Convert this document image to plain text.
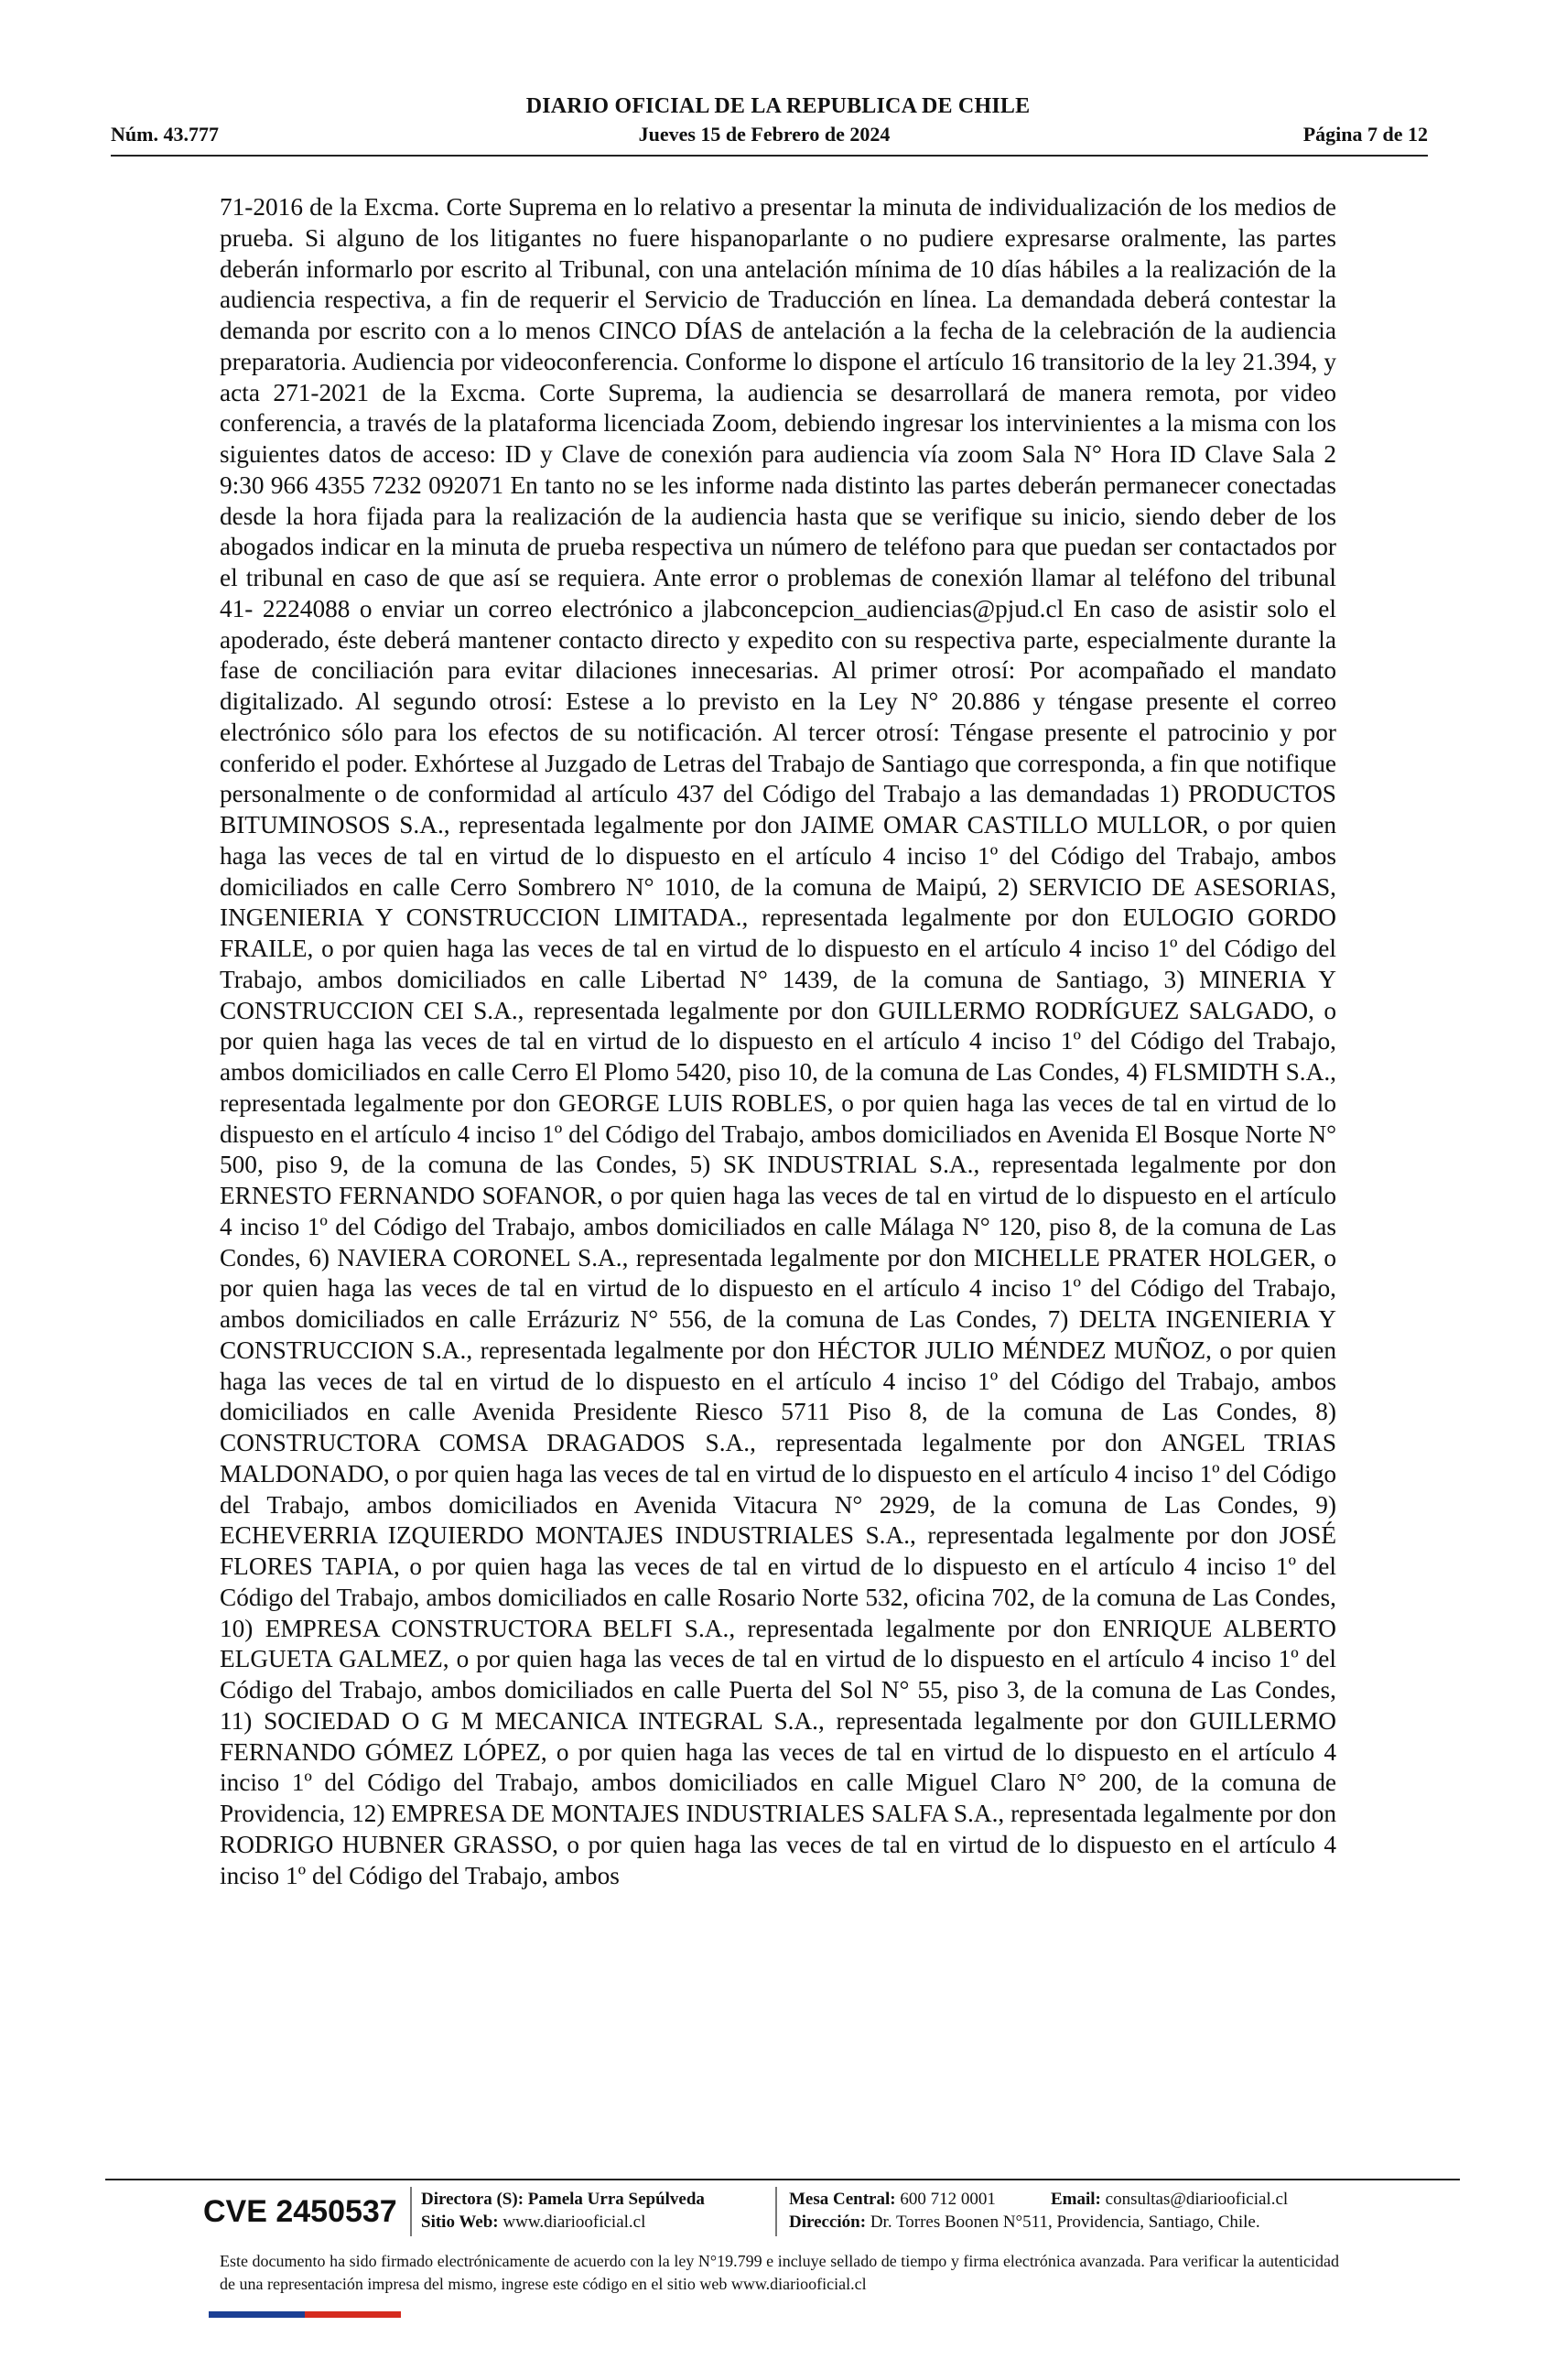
DIARIO OFICIAL DE LA REPUBLICA DE CHILE
Núm. 43.777	Jueves 15 de Febrero de 2024	Página 7 de 12

71-2016 de la Excma. Corte Suprema en lo relativo a presentar la minuta de individualización de los medios de prueba. Si alguno de los litigantes no fuere hispanoparlante o no pudiere expresarse oralmente, las partes deberán informarlo por escrito al Tribunal, con una antelación mínima de 10 días hábiles a la realización de la audiencia respectiva, a fin de requerir el Servicio de Traducción en línea. La demandada deberá contestar la demanda por escrito con a lo menos CINCO DÍAS de antelación a la fecha de la celebración de la audiencia preparatoria. Audiencia por videoconferencia. Conforme lo dispone el artículo 16 transitorio de la ley 21.394, y acta 271-2021 de la Excma. Corte Suprema, la audiencia se desarrollará de manera remota, por video conferencia, a través de la plataforma licenciada Zoom, debiendo ingresar los intervinientes a la misma con los siguientes datos de acceso: ID y Clave de conexión para audiencia vía zoom Sala N° Hora ID Clave Sala 2 9:30 966 4355 7232 092071 En tanto no se les informe nada distinto las partes deberán permanecer conectadas desde la hora fijada para la realización de la audiencia hasta que se verifique su inicio, siendo deber de los abogados indicar en la minuta de prueba respectiva un número de teléfono para que puedan ser contactados por el tribunal en caso de que así se requiera. Ante error o problemas de conexión llamar al teléfono del tribunal 41- 2224088 o enviar un correo electrónico a jlabconcepcion_audiencias@pjud.cl En caso de asistir solo el apoderado, éste deberá mantener contacto directo y expedito con su respectiva parte, especialmente durante la fase de conciliación para evitar dilaciones innecesarias. Al primer otrosí: Por acompañado el mandato digitalizado. Al segundo otrosí: Estese a lo previsto en la Ley N° 20.886 y téngase presente el correo electrónico sólo para los efectos de su notificación. Al tercer otrosí: Téngase presente el patrocinio y por conferido el poder. Exhórtese al Juzgado de Letras del Trabajo de Santiago que corresponda, a fin que notifique personalmente o de conformidad al artículo 437 del Código del Trabajo a las demandadas 1) PRODUCTOS BITUMINOSOS S.A., representada legalmente por don JAIME OMAR CASTILLO MULLOR, o por quien haga las veces de tal en virtud de lo dispuesto en el artículo 4 inciso 1º del Código del Trabajo, ambos domiciliados en calle Cerro Sombrero N° 1010, de la comuna de Maipú, 2) SERVICIO DE ASESORIAS, INGENIERIA Y CONSTRUCCION LIMITADA., representada legalmente por don EULOGIO GORDO FRAILE, o por quien haga las veces de tal en virtud de lo dispuesto en el artículo 4 inciso 1º del Código del Trabajo, ambos domiciliados en calle Libertad N° 1439, de la comuna de Santiago, 3) MINERIA Y CONSTRUCCION CEI S.A., representada legalmente por don GUILLERMO RODRÍGUEZ SALGADO, o por quien haga las veces de tal en virtud de lo dispuesto en el artículo 4 inciso 1º del Código del Trabajo, ambos domiciliados en calle Cerro El Plomo 5420, piso 10, de la comuna de Las Condes, 4) FLSMIDTH S.A., representada legalmente por don GEORGE LUIS ROBLES, o por quien haga las veces de tal en virtud de lo dispuesto en el artículo 4 inciso 1º del Código del Trabajo, ambos domiciliados en Avenida El Bosque Norte N° 500, piso 9, de la comuna de las Condes, 5) SK INDUSTRIAL S.A., representada legalmente por don ERNESTO FERNANDO SOFANOR, o por quien haga las veces de tal en virtud de lo dispuesto en el artículo 4 inciso 1º del Código del Trabajo, ambos domiciliados en calle Málaga N° 120, piso 8, de la comuna de Las Condes, 6) NAVIERA CORONEL S.A., representada legalmente por don MICHELLE PRATER HOLGER, o por quien haga las veces de tal en virtud de lo dispuesto en el artículo 4 inciso 1º del Código del Trabajo, ambos domiciliados en calle Errázuriz N° 556, de la comuna de Las Condes, 7) DELTA INGENIERIA Y CONSTRUCCION S.A., representada legalmente por don HÉCTOR JULIO MÉNDEZ MUÑOZ, o por quien haga las veces de tal en virtud de lo dispuesto en el artículo 4 inciso 1º del Código del Trabajo, ambos domiciliados en calle Avenida Presidente Riesco 5711 Piso 8, de la comuna de Las Condes, 8) CONSTRUCTORA COMSA DRAGADOS S.A., representada legalmente por don ANGEL TRIAS MALDONADO, o por quien haga las veces de tal en virtud de lo dispuesto en el artículo 4 inciso 1º del Código del Trabajo, ambos domiciliados en Avenida Vitacura N° 2929, de la comuna de Las Condes, 9) ECHEVERRIA IZQUIERDO MONTAJES INDUSTRIALES S.A., representada legalmente por don JOSÉ FLORES TAPIA, o por quien haga las veces de tal en virtud de lo dispuesto en el artículo 4 inciso 1º del Código del Trabajo, ambos domiciliados en calle Rosario Norte 532, oficina 702, de la comuna de Las Condes, 10) EMPRESA CONSTRUCTORA BELFI S.A., representada legalmente por don ENRIQUE ALBERTO ELGUETA GALMEZ, o por quien haga las veces de tal en virtud de lo dispuesto en el artículo 4 inciso 1º del Código del Trabajo, ambos domiciliados en calle Puerta del Sol N° 55, piso 3, de la comuna de Las Condes, 11) SOCIEDAD O G M MECANICA INTEGRAL S.A., representada legalmente por don GUILLERMO FERNANDO GÓMEZ LÓPEZ, o por quien haga las veces de tal en virtud de lo dispuesto en el artículo 4 inciso 1º del Código del Trabajo, ambos domiciliados en calle Miguel Claro N° 200, de la comuna de Providencia, 12) EMPRESA DE MONTAJES INDUSTRIALES SALFA S.A., representada legalmente por don RODRIGO HUBNER GRASSO, o por quien haga las veces de tal en virtud de lo dispuesto en el artículo 4 inciso 1º del Código del Trabajo, ambos

CVE 2450537 Directora (S): Pamela Urra Sepúlveda
Sitio Web: www.diariooficial.cl
Mesa Central: 600 712 0001
Dirección: Dr. Torres Boonen N°511, Providencia, Santiago, Chile.
Email: consultas@diariooficial.cl
Este documento ha sido firmado electrónicamente de acuerdo con la ley N°19.799 e incluye sellado de tiempo y firma electrónica avanzada. Para verificar la autenticidad de una representación impresa del mismo, ingrese este código en el sitio web www.diariooficial.cl
